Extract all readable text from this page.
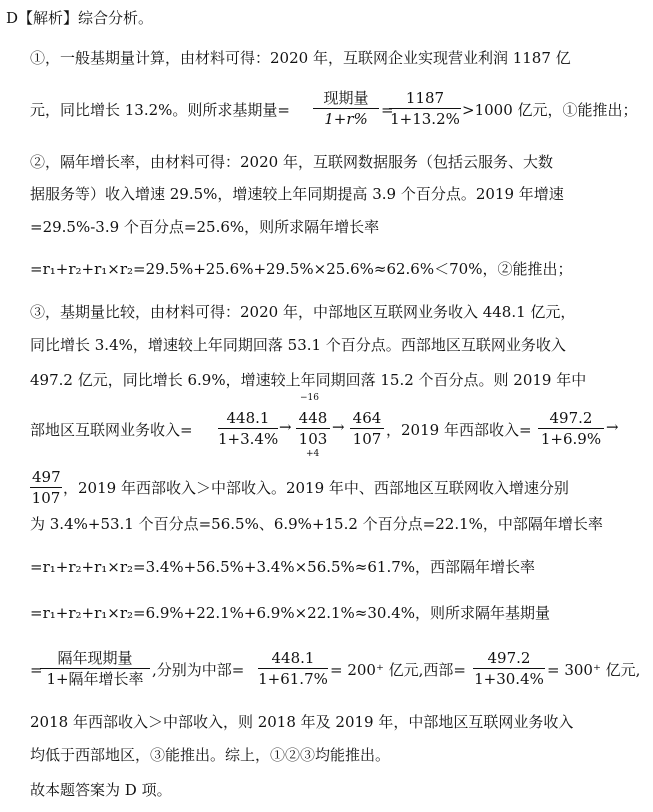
D【解析】综合分析。
①，一般基期量计算，由材料可得：2020 年，互联网企业实现营业利润 1187 亿
元，同比增长 13.2%。则所求基期量=
现期量
1+r% =
$\frac{1187}{1+13.2\%} >1000$ 亿元，①能推出；
②，隔年增长率，由材料可得：2020 年，互联网数据服务（包括云服务、大数
据服务等）收入增速 29.5%，增速较上年同期提高 3.9 个百分点。2019 年增速
=29.5%-3.9 个百分点=25.6%，则所求隔年增长率
=r₁+r₂+r₁×r₂=29.5%+25.6%+29.5%×25.6%≈62.6%＜70%，②能推出；
③，基期量比较，由材料可得：2020 年，中部地区互联网业务收入 448.1 亿元，
同比增长 3.4%，增速较上年同期回落 53.1 个百分点。西部地区互联网业务收入
497.2 亿元，同比增长 6.9%，增速较上年同期回落 15.2 个百分点。则 2019 年中
部地区互联网业务收入= $\frac{448.1}{1+3.4\%}$ →
−16
$\frac{448}{103}$
+4
→ $\frac{464}{107}$ ，2019 年西部收入= $\frac{497.2}{1+6.9\%}$ →
$\frac{497}{107}$ ，2019 年西部收入＞中部收入。2019 年中、西部地区互联网收入增速分别
为 3.4%+53.1 个百分点=56.5%、6.9%+15.2 个百分点=22.1%，中部隔年增长率
=r₁+r₂+r₁×r₂=3.4%+56.5%+3.4%×56.5%≈61.7%，西部隔年增长率
=r₁+r₂+r₁×r₂=6.9%+22.1%+6.9%×22.1%≈30.4%，则所求隔年基期量
=
隔年现期量
1+隔年增长率 ,分别为中部= $\frac{448.1}{1+61.7\%} = 200^+$ 亿元,西部= $\frac{497.2}{1+30.4\%} = 300^+$ 亿元,
2018 年西部收入＞中部收入，则 2018 年及 2019 年，中部地区互联网业务收入
均低于西部地区，③能推出。综上，①②③均能推出。
故本题答案为 D 项。
